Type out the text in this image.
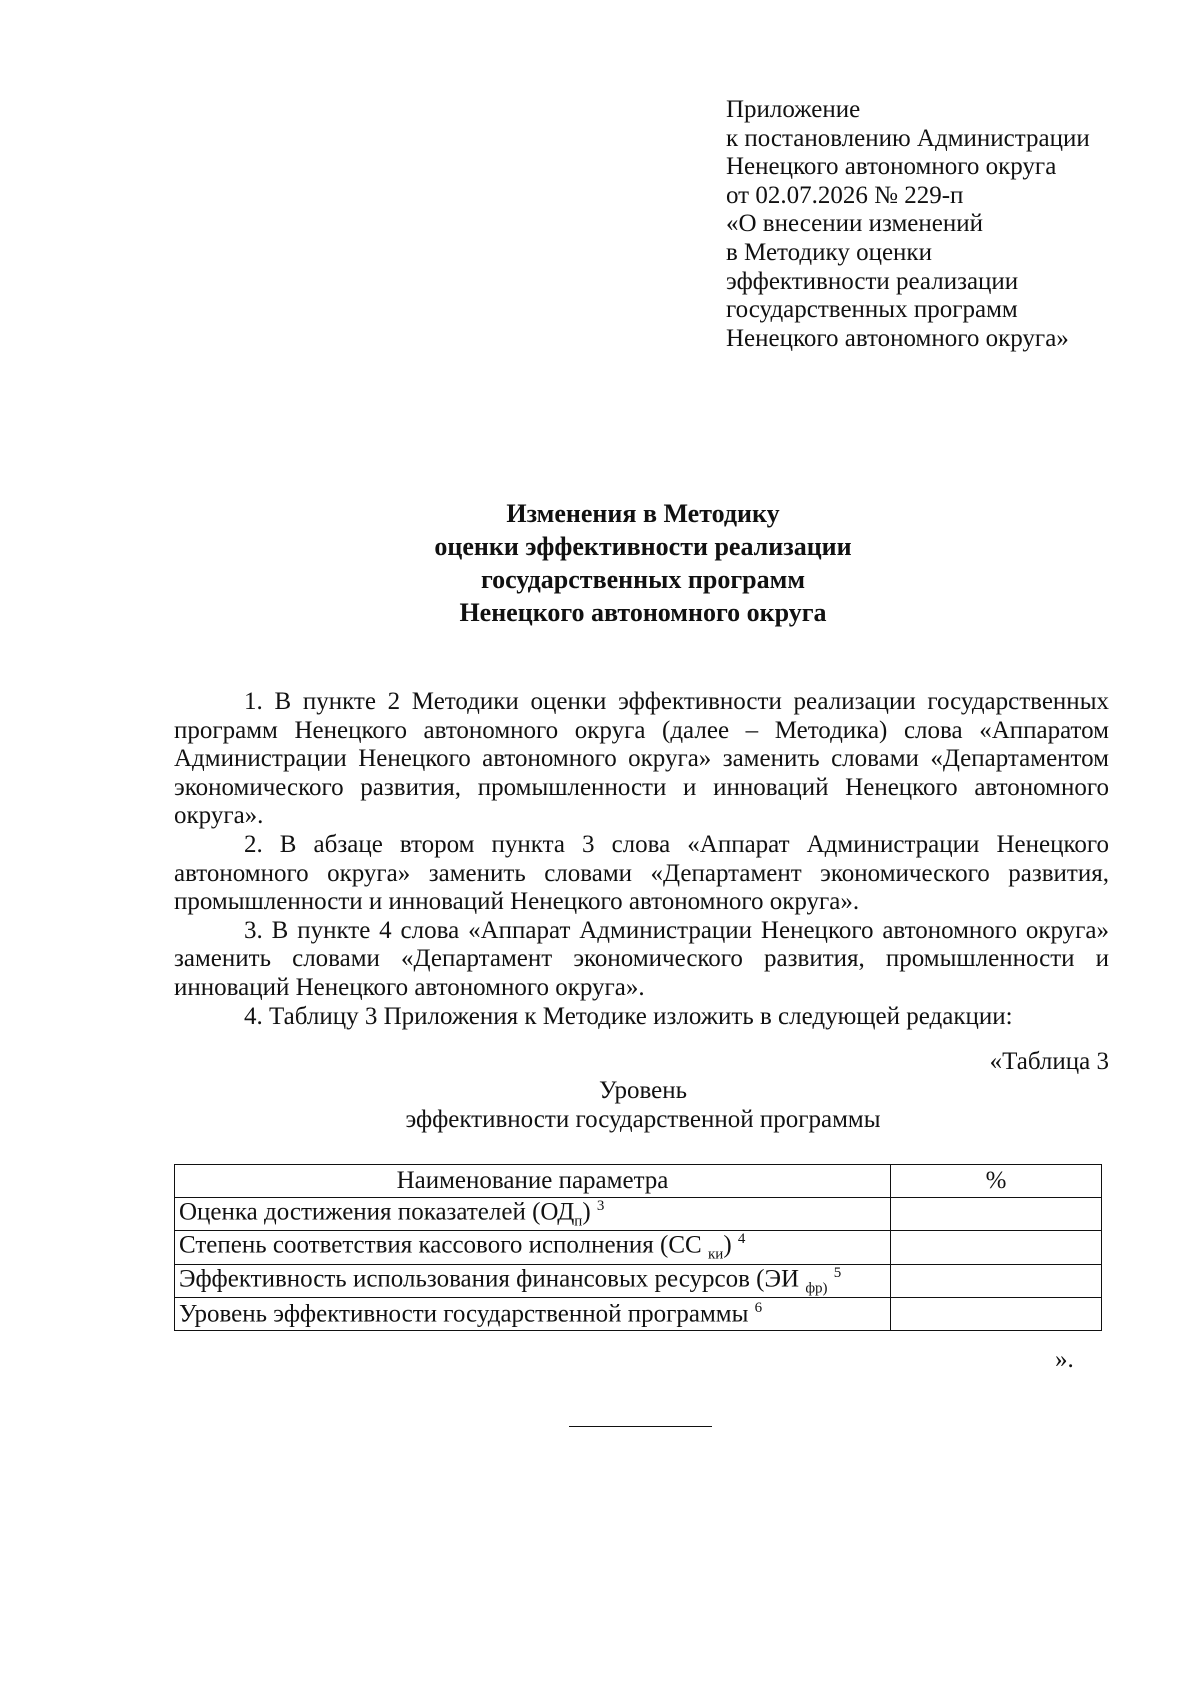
Приложение
к постановлению Администрации
Ненецкого автономного округа
от 02.07.2026 № 229-п
«О внесении изменений
в Методику оценки
эффективности реализации
государственных программ
Ненецкого автономного округа»
Изменения в Методику
оценки эффективности реализации
государственных программ
Ненецкого автономного округа

1. В пункте 2 Методики оценки эффективности реализации государственных программ Ненецкого автономного округа (далее – Методика) слова «Аппаратом Администрации Ненецкого автономного округа» заменить словами «Департаментом экономического развития, промышленности и инноваций Ненецкого автономного округа».

2. В абзаце втором пункта 3 слова «Аппарат Администрации Ненецкого автономного округа» заменить словами «Департамент экономического развития, промышленности и инноваций Ненецкого автономного округа».

3. В пункте 4 слова «Аппарат Администрации Ненецкого автономного округа» заменить словами «Департамент экономического развития, промышленности и инноваций Ненецкого автономного округа».

4. Таблицу 3 Приложения к Методике изложить в следующей редакции:

«Таблица 3
Уровень
эффективности государственной программы
Наименование параметра	%
Оценка достижения показателей $(ОД_п)$ $^3$	
Степень соответствия кассового исполнения (СС $_{ки}$) $^4$	
Эффективность использования финансовых ресурсов (ЭИ $_{фр)}$ $^5$	
Уровень эффективности государственной программы $^6$	
».
